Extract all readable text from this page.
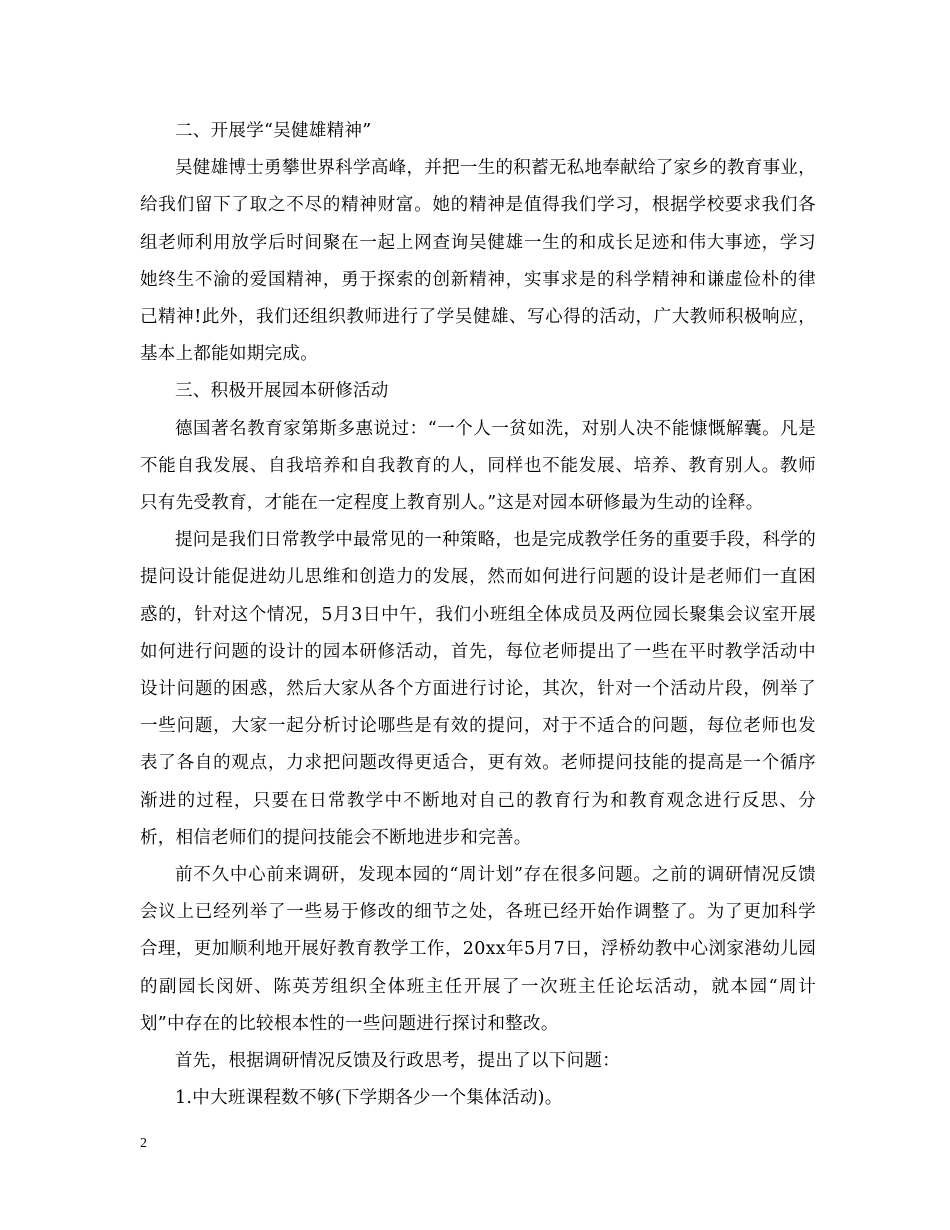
二、开展学“吴健雄精神”

吴健雄博士勇攀世界科学高峰，并把一生的积蓄无私地奉献给了家乡的教育事业，给我们留下了取之不尽的精神财富。她的精神是值得我们学习，根据学校要求我们各组老师利用放学后时间聚在一起上网查询吴健雄一生的和成长足迹和伟大事迹，学习她终生不渝的爱国精神，勇于探索的创新精神，实事求是的科学精神和谦虚俭朴的律己精神!此外，我们还组织教师进行了学吴健雄、写心得的活动，广大教师积极响应，基本上都能如期完成。

三、积极开展园本研修活动

德国著名教育家第斯多惠说过：“一个人一贫如洗，对别人决不能慷慨解囊。凡是不能自我发展、自我培养和自我教育的人，同样也不能发展、培养、教育别人。教师只有先受教育，才能在一定程度上教育别人。”这是对园本研修最为生动的诠释。

提问是我们日常教学中最常见的一种策略，也是完成教学任务的重要手段，科学的提问设计能促进幼儿思维和创造力的发展，然而如何进行问题的设计是老师们一直困惑的，针对这个情况，5月3日中午，我们小班组全体成员及两位园长聚集会议室开展如何进行问题的设计的园本研修活动，首先，每位老师提出了一些在平时教学活动中设计问题的困惑，然后大家从各个方面进行讨论，其次，针对一个活动片段，例举了一些问题，大家一起分析讨论哪些是有效的提问，对于不适合的问题，每位老师也发表了各自的观点，力求把问题改得更适合，更有效。老师提问技能的提高是一个循序渐进的过程，只要在日常教学中不断地对自己的教育行为和教育观念进行反思、分析，相信老师们的提问技能会不断地进步和完善。

前不久中心前来调研，发现本园的“周计划”存在很多问题。之前的调研情况反馈会议上已经列举了一些易于修改的细节之处，各班已经开始作调整了。为了更加科学合理，更加顺利地开展好教育教学工作，20xx年5月7日，浮桥幼教中心浏家港幼儿园的副园长闵妍、陈英芳组织全体班主任开展了一次班主任论坛活动，就本园“周计划”中存在的比较根本性的一些问题进行探讨和整改。

首先，根据调研情况反馈及行政思考，提出了以下问题：

1.中大班课程数不够(下学期各少一个集体活动)。

2
